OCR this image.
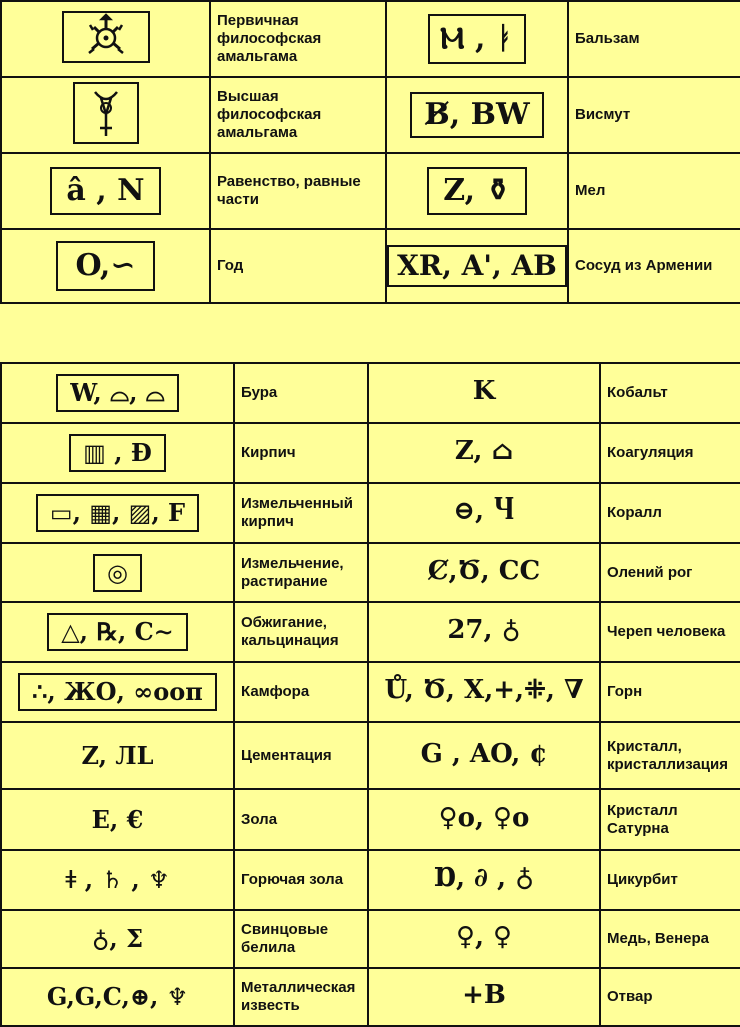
	Первичная философская амальгама	Ⲙ , ᛓ	Бальзам

	Высшая философская амальгама	B̸, BW	Висмут
â , N	Равенство, равные части	Z, ⚱	Мел
O,∽	Год	XR, A', AB	Сосуд из Армении
W, ⌓, ⌓	Бура	K	Кобальт
▥ , Ð	Кирпич	Z, ⌂	Коагуляция
▭, ▦, ▨, F	Измельченный кирпич	⊖, Ⴗ	Коралл
◎	Измельчение, растирание	Ȼ,Ծ, CC	Олений рог
△, ℞, C∼	Обжигание, кальцинация	27, ♁	Череп человека
∴, ЖО, ∞ооп	Камфора	Ů, Ծ, X,+,⁜, ∇	Горн
Z, ЛL	Цементация	G , AO, ¢	Кристалл, кристаллизация
E, €	Зола	♀o, ♀o	Кристалл Сатурна
ǂ , ♄ , ♆	Горючая зола	Ɒ, ∂ , ♁	Цикурбит
♁, Σ	Свинцовые белила	♀, ♀	Медь, Венера
G,G,C,⊕, ♆	Металлическая известь	+B	Отвар
